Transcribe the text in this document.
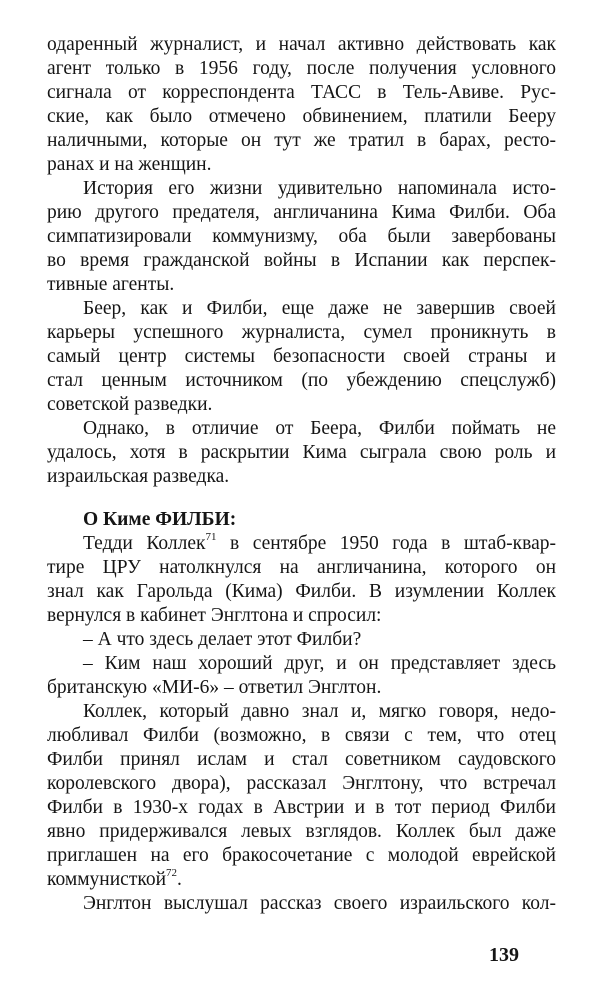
одаренный журналист, и начал активно действовать как
агент только в 1956 году, после получения условного
сигнала от корреспондента ТАСС в Тель-Авиве. Рус-
ские, как было отмечено обвинением, платили Бееру
наличными, которые он тут же тратил в барах, ресто-
ранах и на женщин.
История его жизни удивительно напоминала исто-
рию другого предателя, англичанина Кима Филби. Оба
симпатизировали коммунизму, оба были завербованы
во время гражданской войны в Испании как перспек-
тивные агенты.
Беер, как и Филби, еще даже не завершив своей
карьеры успешного журналиста, сумел проникнуть в
самый центр системы безопасности своей страны и
стал ценным источником (по убеждению спецслужб)
советской разведки.
Однако, в отличие от Беера, Филби поймать не
удалось, хотя в раскрытии Кима сыграла свою роль и
израильская разведка.
О Киме ФИЛБИ:
Тедди Коллек$^{71}$ в сентябре 1950 года в штаб-квар-
тире ЦРУ натолкнулся на англичанина, которого он
знал как Гарольда (Кима) Филби. В изумлении Коллек
вернулся в кабинет Энглтона и спросил:
– А что здесь делает этот Филби?
– Ким наш хороший друг, и он представляет здесь
британскую «МИ-6» – ответил Энглтон.
Коллек, который давно знал и, мягко говоря, недо-
любливал Филби (возможно, в связи с тем, что отец
Филби принял ислам и стал советником саудовского
королевского двора), рассказал Энглтону, что встречал
Филби в 1930-х годах в Австрии и в тот период Филби
явно придерживался левых взглядов. Коллек был даже
приглашен на его бракосочетание с молодой еврейской
коммунисткой$^{72}$.
Энглтон выслушал рассказ своего израильского кол-
139
